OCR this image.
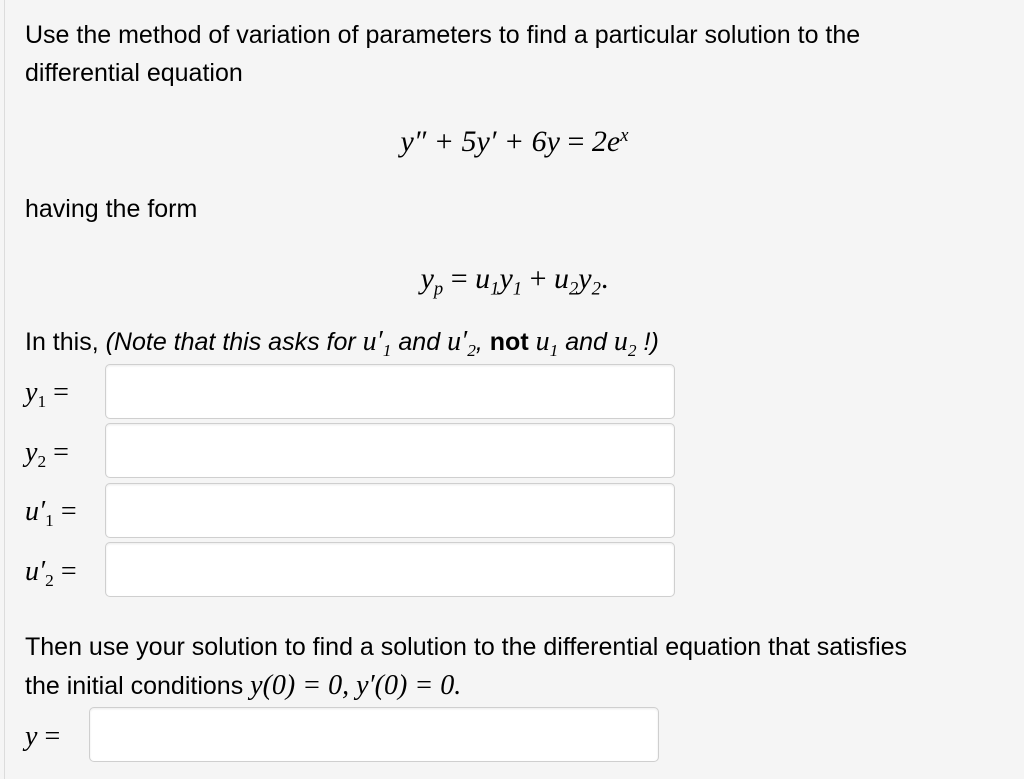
Use the method of variation of parameters to find a particular solution to the
differential equation
$y'' + 5y' + 6y = 2e^x$
having the form
$y_p = u_1y_1 + u_2y_2$.
In this, (Note that this asks for $u'_1$ and $u'_2$, not $u_1$ and $u_2$ !)
$y_1$ =
$y_2$ =
$u'_1$ =
$u'_2$ =
Then use your solution to find a solution to the differential equation that satisfies
the initial conditions y(0) = 0, y′(0) = 0.
y =
